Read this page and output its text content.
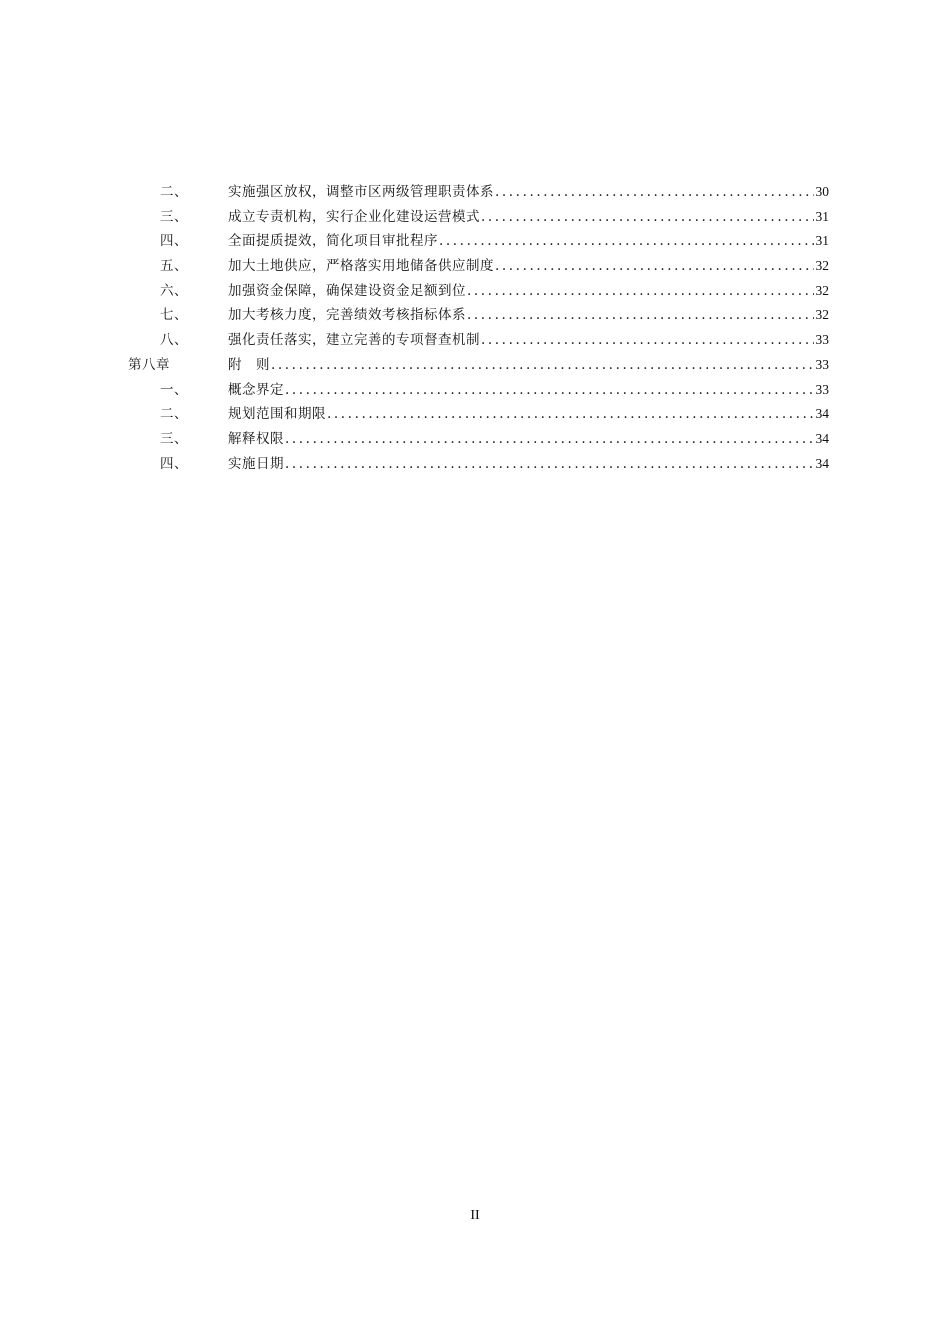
二、	实施强区放权，调整市区两级管理职责体系 .....	30
三、	成立专责机构，实行企业化建设运营模式 .....	31
四、	全面提质提效，简化项目审批程序 .....	31
五、	加大土地供应，严格落实用地储备供应制度 .....	32
六、	加强资金保障，确保建设资金足额到位 .....	32
七、	加大考核力度，完善绩效考核指标体系 .....	32
八、	强化责任落实，建立完善的专项督查机制 .....	33
第八章	附　则 .....	33
一、	概念界定 .....	33
二、	规划范围和期限 .....	34
三、	解释权限 .....	34
四、	实施日期 .....	34
II
